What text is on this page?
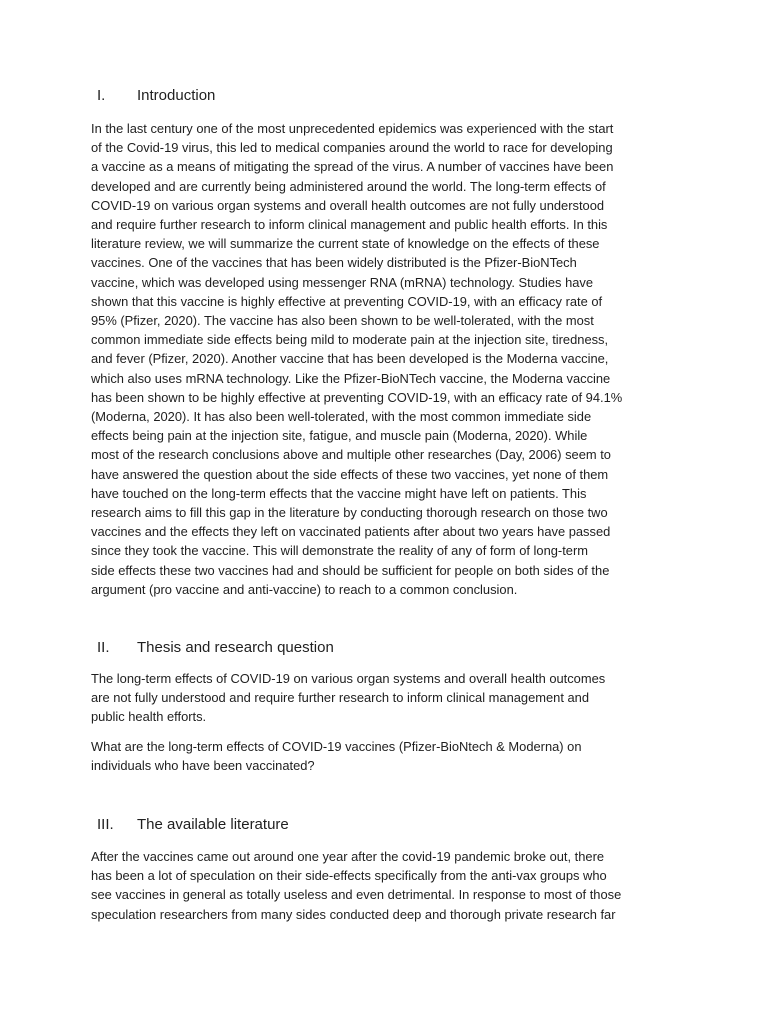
I.	Introduction
In the last century one of the most unprecedented epidemics was experienced with the start
of the Covid-19 virus, this led to medical companies around the world to race for developing
a vaccine as a means of mitigating the spread of the virus. A number of vaccines have been
developed and are currently being administered around the world. The long-term effects of
COVID-19 on various organ systems and overall health outcomes are not fully understood
and require further research to inform clinical management and public health efforts. In this
literature review, we will summarize the current state of knowledge on the effects of these
vaccines. One of the vaccines that has been widely distributed is the Pfizer-BioNTech
vaccine, which was developed using messenger RNA (mRNA) technology. Studies have
shown that this vaccine is highly effective at preventing COVID-19, with an efficacy rate of
95% (Pfizer, 2020). The vaccine has also been shown to be well-tolerated, with the most
common immediate side effects being mild to moderate pain at the injection site, tiredness,
and fever (Pfizer, 2020). Another vaccine that has been developed is the Moderna vaccine,
which also uses mRNA technology. Like the Pfizer-BioNTech vaccine, the Moderna vaccine
has been shown to be highly effective at preventing COVID-19, with an efficacy rate of 94.1%
(Moderna, 2020). It has also been well-tolerated, with the most common immediate side
effects being pain at the injection site, fatigue, and muscle pain (Moderna, 2020). While
most of the research conclusions above and multiple other researches (Day, 2006) seem to
have answered the question about the side effects of these two vaccines, yet none of them
have touched on the long-term effects that the vaccine might have left on patients. This
research aims to fill this gap in the literature by conducting thorough research on those two
vaccines and the effects they left on vaccinated patients after about two years have passed
since they took the vaccine. This will demonstrate the reality of any of form of long-term
side effects these two vaccines had and should be sufficient for people on both sides of the
argument (pro vaccine and anti-vaccine) to reach to a common conclusion.
II.	Thesis and research question
The long-term effects of COVID-19 on various organ systems and overall health outcomes
are not fully understood and require further research to inform clinical management and
public health efforts.
What are the long-term effects of COVID-19 vaccines (Pfizer-BioNtech & Moderna) on
individuals who have been vaccinated?
III.	The available literature
After the vaccines came out around one year after the covid-19 pandemic broke out, there
has been a lot of speculation on their side-effects specifically from the anti-vax groups who
see vaccines in general as totally useless and even detrimental. In response to most of those
speculation researchers from many sides conducted deep and thorough private research far
